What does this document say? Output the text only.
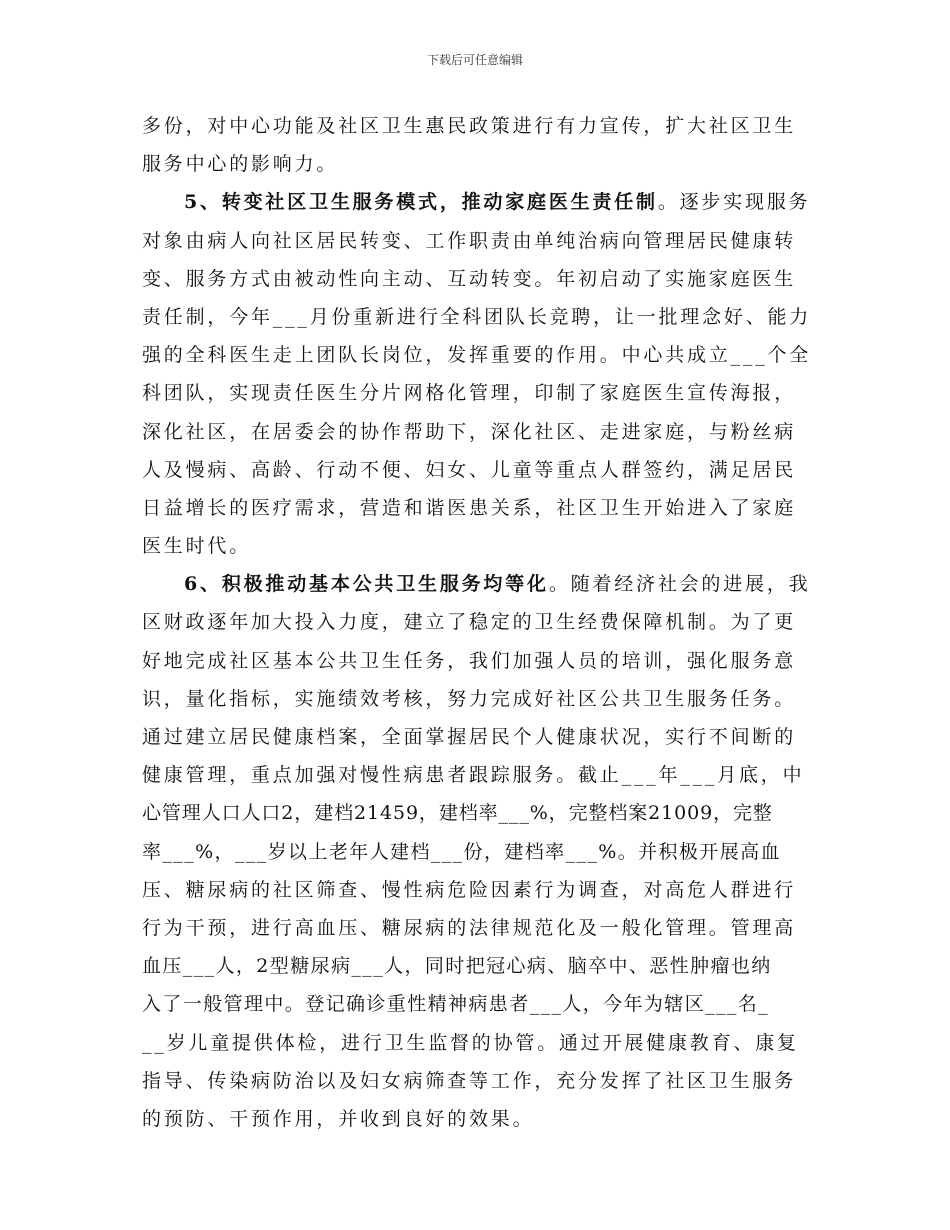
下载后可任意编辑
多份，对中心功能及社区卫生惠民政策进行有力宣传，扩大社区卫生
服务中心的影响力。
5、转变社区卫生服务模式，推动家庭医生责任制。逐步实现服务
对象由病人向社区居民转变、工作职责由单纯治病向管理居民健康转
变、服务方式由被动性向主动、互动转变。年初启动了实施家庭医生
责任制，今年___月份重新进行全科团队长竞聘，让一批理念好、能力
强的全科医生走上团队长岗位，发挥重要的作用。中心共成立___个全
科团队，实现责任医生分片网格化管理，印制了家庭医生宣传海报，
深化社区，在居委会的协作帮助下，深化社区、走进家庭，与粉丝病
人及慢病、高龄、行动不便、妇女、儿童等重点人群签约，满足居民
日益增长的医疗需求，营造和谐医患关系，社区卫生开始进入了家庭
医生时代。
6、积极推动基本公共卫生服务均等化。随着经济社会的进展，我
区财政逐年加大投入力度，建立了稳定的卫生经费保障机制。为了更
好地完成社区基本公共卫生任务，我们加强人员的培训，强化服务意
识，量化指标，实施绩效考核，努力完成好社区公共卫生服务任务。
通过建立居民健康档案，全面掌握居民个人健康状况，实行不间断的
健康管理，重点加强对慢性病患者跟踪服务。截止___年___月底，中
心管理人口人口2，建档21459，建档率___%，完整档案21009，完整
率___%，___岁以上老年人建档___份，建档率___%。并积极开展高血
压、糖尿病的社区筛查、慢性病危险因素行为调查，对高危人群进行
行为干预，进行高血压、糖尿病的法律规范化及一般化管理。管理高
血压___人，2型糖尿病___人，同时把冠心病、脑卒中、恶性肿瘤也纳
入了一般管理中。登记确诊重性精神病患者___人，今年为辖区___名_
__岁儿童提供体检，进行卫生监督的协管。通过开展健康教育、康复
指导、传染病防治以及妇女病筛查等工作，充分发挥了社区卫生服务
的预防、干预作用，并收到良好的效果。
